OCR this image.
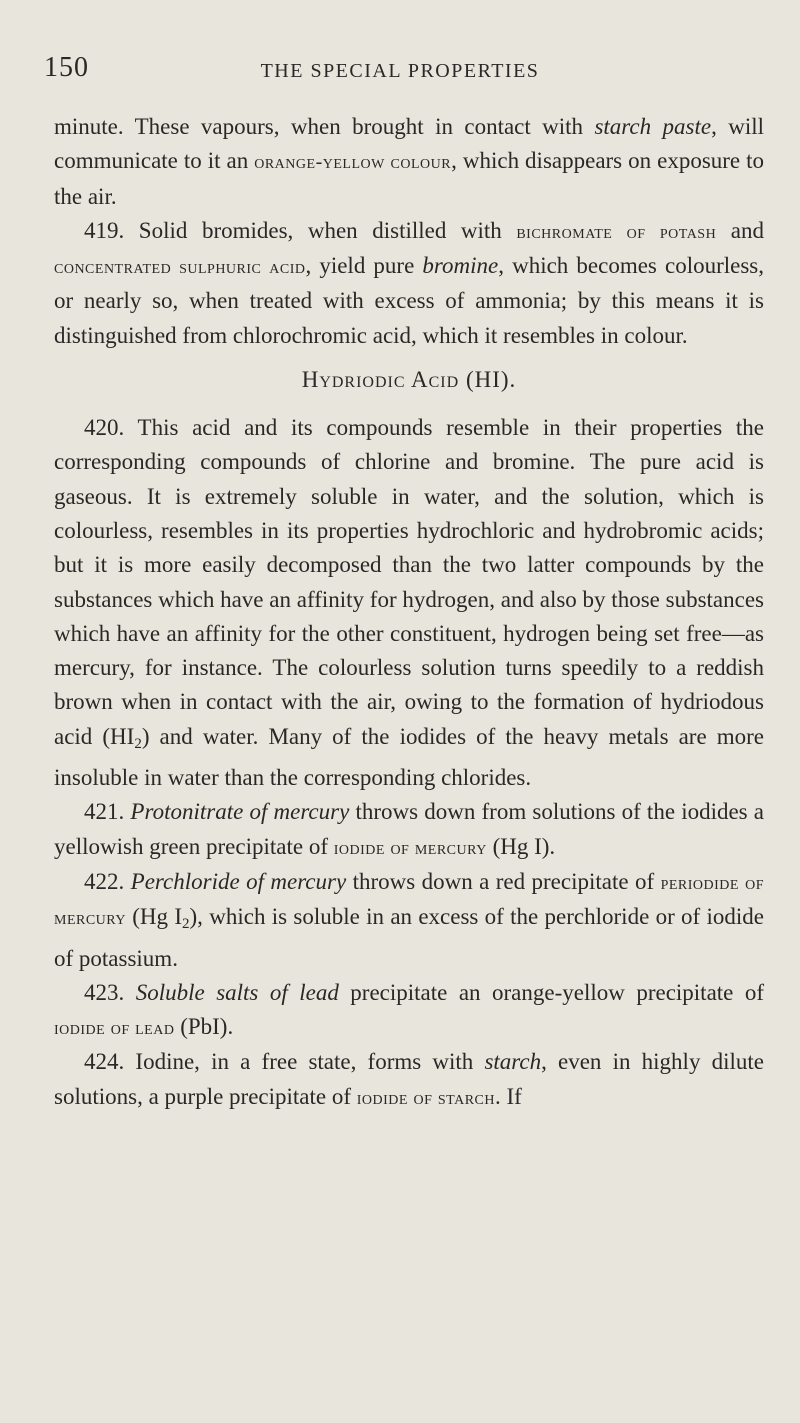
150	THE SPECIAL PROPERTIES

minute. These vapours, when brought in contact with starch paste, will communicate to it an orange-yellow colour, which disappears on exposure to the air.

419. Solid bromides, when distilled with bichromate of potash and concentrated sulphuric acid, yield pure bromine, which becomes colourless, or nearly so, when treated with excess of ammonia; by this means it is distinguished from chlorochromic acid, which it resembles in colour.

Hydriodic Acid (HI).

420. This acid and its compounds resemble in their properties the corresponding compounds of chlorine and bromine. The pure acid is gaseous. It is extremely soluble in water, and the solution, which is colourless, resembles in its properties hydrochloric and hydrobromic acids; but it is more easily decomposed than the two latter compounds by the substances which have an affinity for hydrogen, and also by those substances which have an affinity for the other constituent, hydrogen being set free—as mercury, for instance. The colourless solution turns speedily to a reddish brown when in contact with the air, owing to the formation of hydriodous acid $(HI_2)$ and water. Many of the iodides of the heavy metals are more insoluble in water than the corresponding chlorides.

421. Protonitrate of mercury throws down from solutions of the iodides a yellowish green precipitate of iodide of mercury (Hg I).

422. Perchloride of mercury throws down a red precipitate of periodide of mercury (Hg $I_2$), which is soluble in an excess of the perchloride or of iodide of potassium.

423. Soluble salts of lead precipitate an orange-yellow precipitate of iodide of lead (PbI).

424. Iodine, in a free state, forms with starch, even in highly dilute solutions, a purple precipitate of iodide of starch. If
